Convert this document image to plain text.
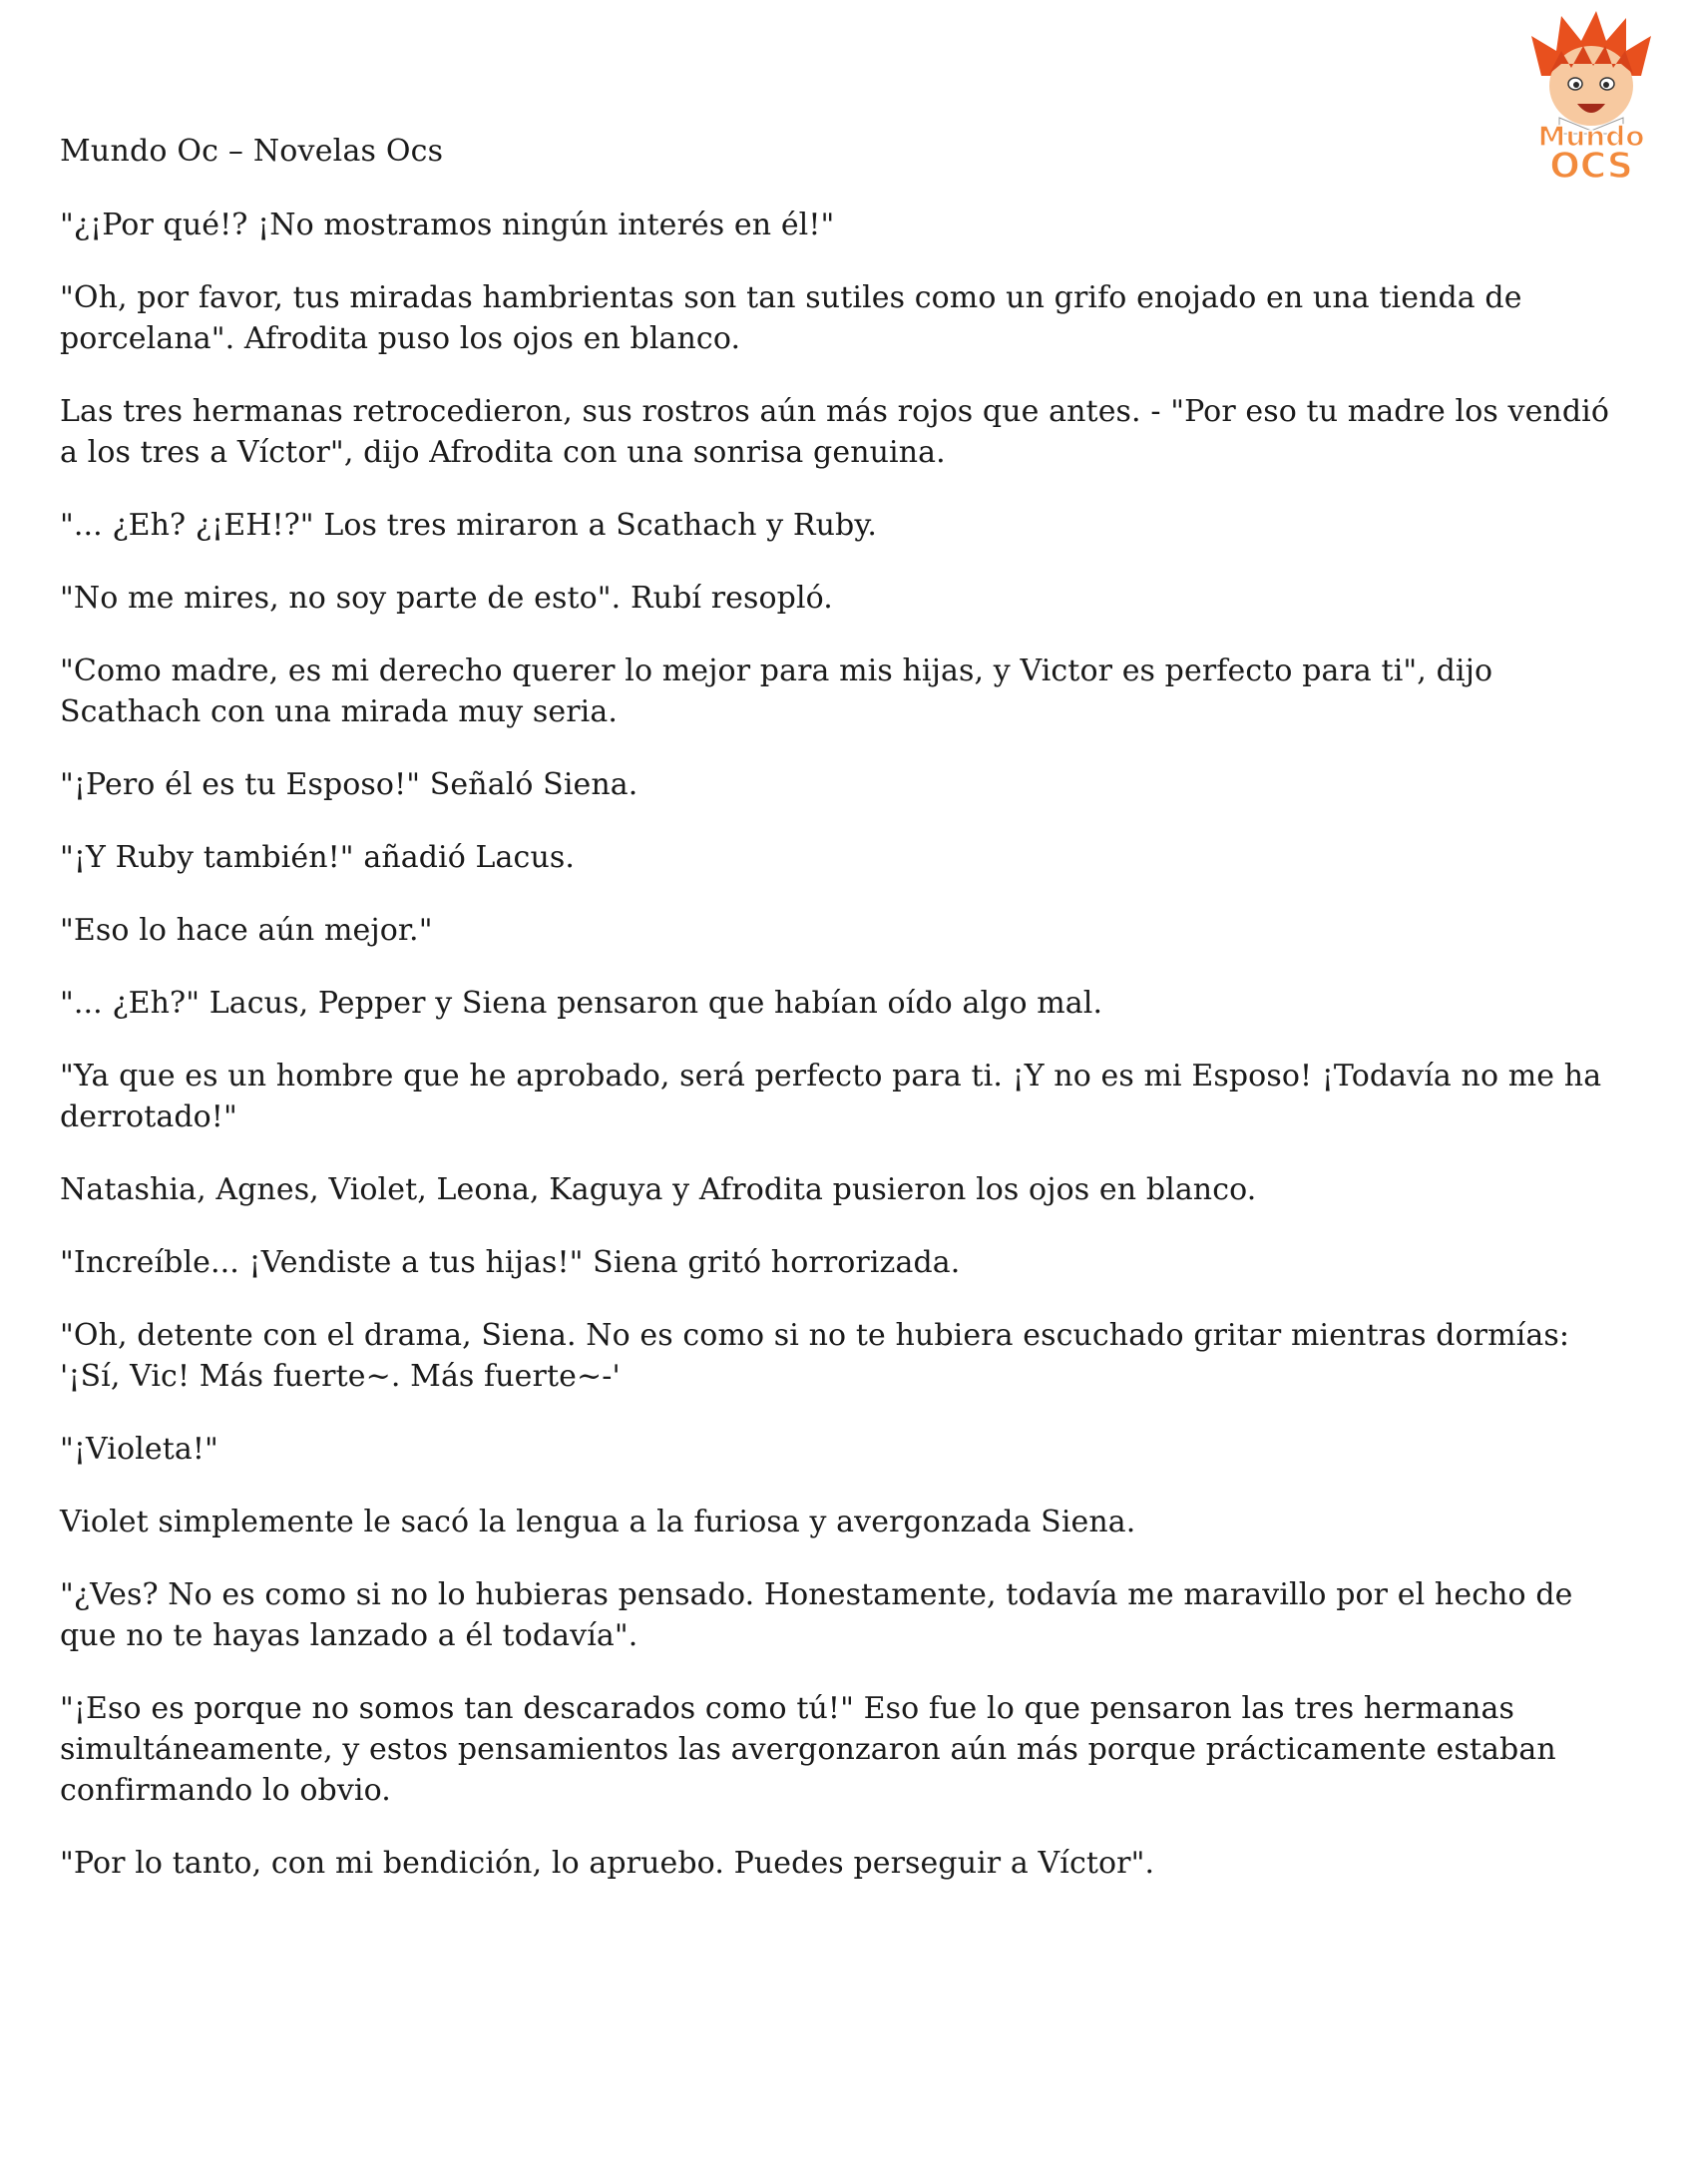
Mundo
OCS
Mundo Oc – Novelas Ocs

"¿¡Por qué!? ¡No mostramos ningún interés en él!"

"Oh, por favor, tus miradas hambrientas son tan sutiles como un grifo enojado en una tienda de porcelana". Afrodita puso los ojos en blanco.

Las tres hermanas retrocedieron, sus rostros aún más rojos que antes. - "Por eso tu madre los vendió a los tres a Víctor", dijo Afrodita con una sonrisa genuina.

"... ¿Eh? ¿¡EH!?" Los tres miraron a Scathach y Ruby.

"No me mires, no soy parte de esto". Rubí resopló.

"Como madre, es mi derecho querer lo mejor para mis hijas, y Victor es perfecto para ti", dijo Scathach con una mirada muy seria.

"¡Pero él es tu Esposo!" Señaló Siena.

"¡Y Ruby también!" añadió Lacus.

"Eso lo hace aún mejor."

"... ¿Eh?" Lacus, Pepper y Siena pensaron que habían oído algo mal.

"Ya que es un hombre que he aprobado, será perfecto para ti. ¡Y no es mi Esposo! ¡Todavía no me ha derrotado!"

Natashia, Agnes, Violet, Leona, Kaguya y Afrodita pusieron los ojos en blanco.

"Increíble... ¡Vendiste a tus hijas!" Siena gritó horrorizada.

"Oh, detente con el drama, Siena. No es como si no te hubiera escuchado gritar mientras dormías: '¡Sí, Vic! Más fuerte~. Más fuerte~-'

"¡Violeta!"

Violet simplemente le sacó la lengua a la furiosa y avergonzada Siena.

"¿Ves? No es como si no lo hubieras pensado. Honestamente, todavía me maravillo por el hecho de que no te hayas lanzado a él todavía".

"¡Eso es porque no somos tan descarados como tú!" Eso fue lo que pensaron las tres hermanas simultáneamente, y estos pensamientos las avergonzaron aún más porque prácticamente estaban confirmando lo obvio.

"Por lo tanto, con mi bendición, lo apruebo. Puedes perseguir a Víctor".
